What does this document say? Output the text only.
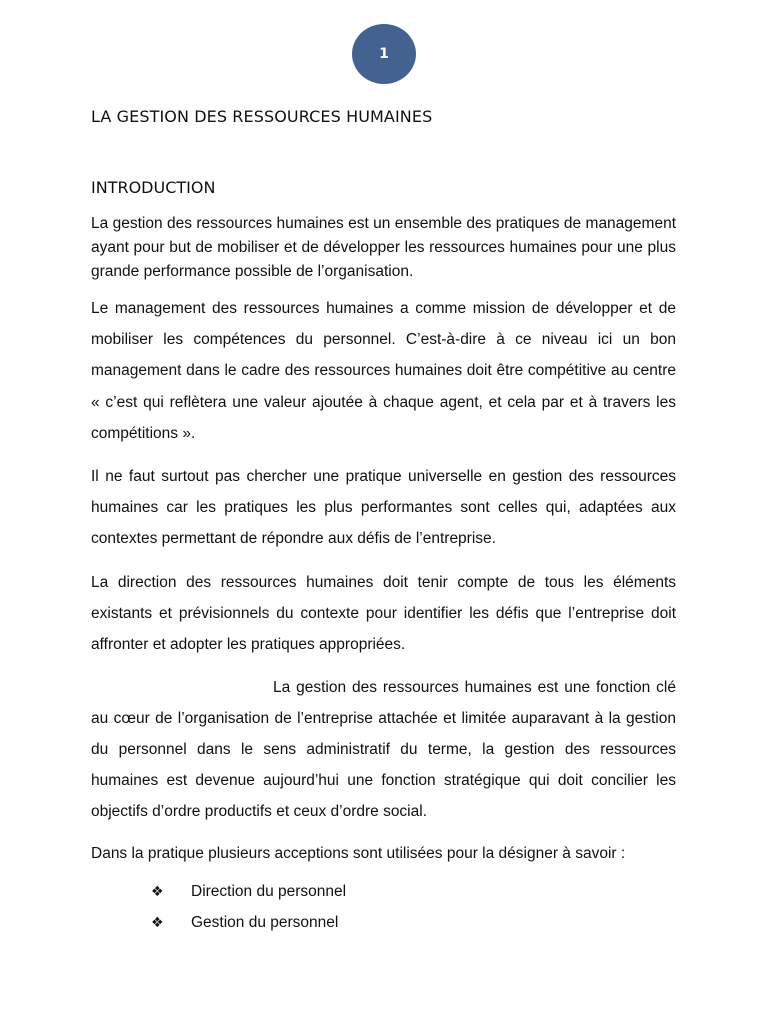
1
LA GESTION DES RESSOURCES HUMAINES
INTRODUCTION

La gestion des ressources humaines est un ensemble des pratiques de management ayant pour but de mobiliser et de développer les ressources humaines pour une plus grande performance possible de l’organisation.

Le management des ressources humaines a comme mission de développer et de mobiliser les compétences du personnel. C’est-à-dire à ce niveau ici un bon management dans le cadre des ressources humaines doit être compétitive au centre « c’est qui reflètera une valeur ajoutée à chaque agent, et cela par et à travers les compétitions ».

Il ne faut surtout pas chercher une pratique universelle en gestion des ressources humaines car les pratiques les plus performantes sont celles qui, adaptées aux contextes permettant de répondre aux défis de l’entreprise.

La direction des ressources humaines doit tenir compte de tous les éléments existants et prévisionnels du contexte pour identifier les défis que l’entreprise doit affronter et adopter les pratiques appropriées.

La gestion des ressources humaines est une fonction clé au cœur de l’organisation de l’entreprise attachée et limitée auparavant à la gestion du personnel dans le sens administratif du terme, la gestion des ressources humaines est devenue aujourd’hui une fonction stratégique qui doit concilier les objectifs d’ordre productifs et ceux d’ordre social.

Dans la pratique plusieurs acceptions sont utilisées pour la désigner à savoir :

❖	Direction du personnel
❖	Gestion du personnel
